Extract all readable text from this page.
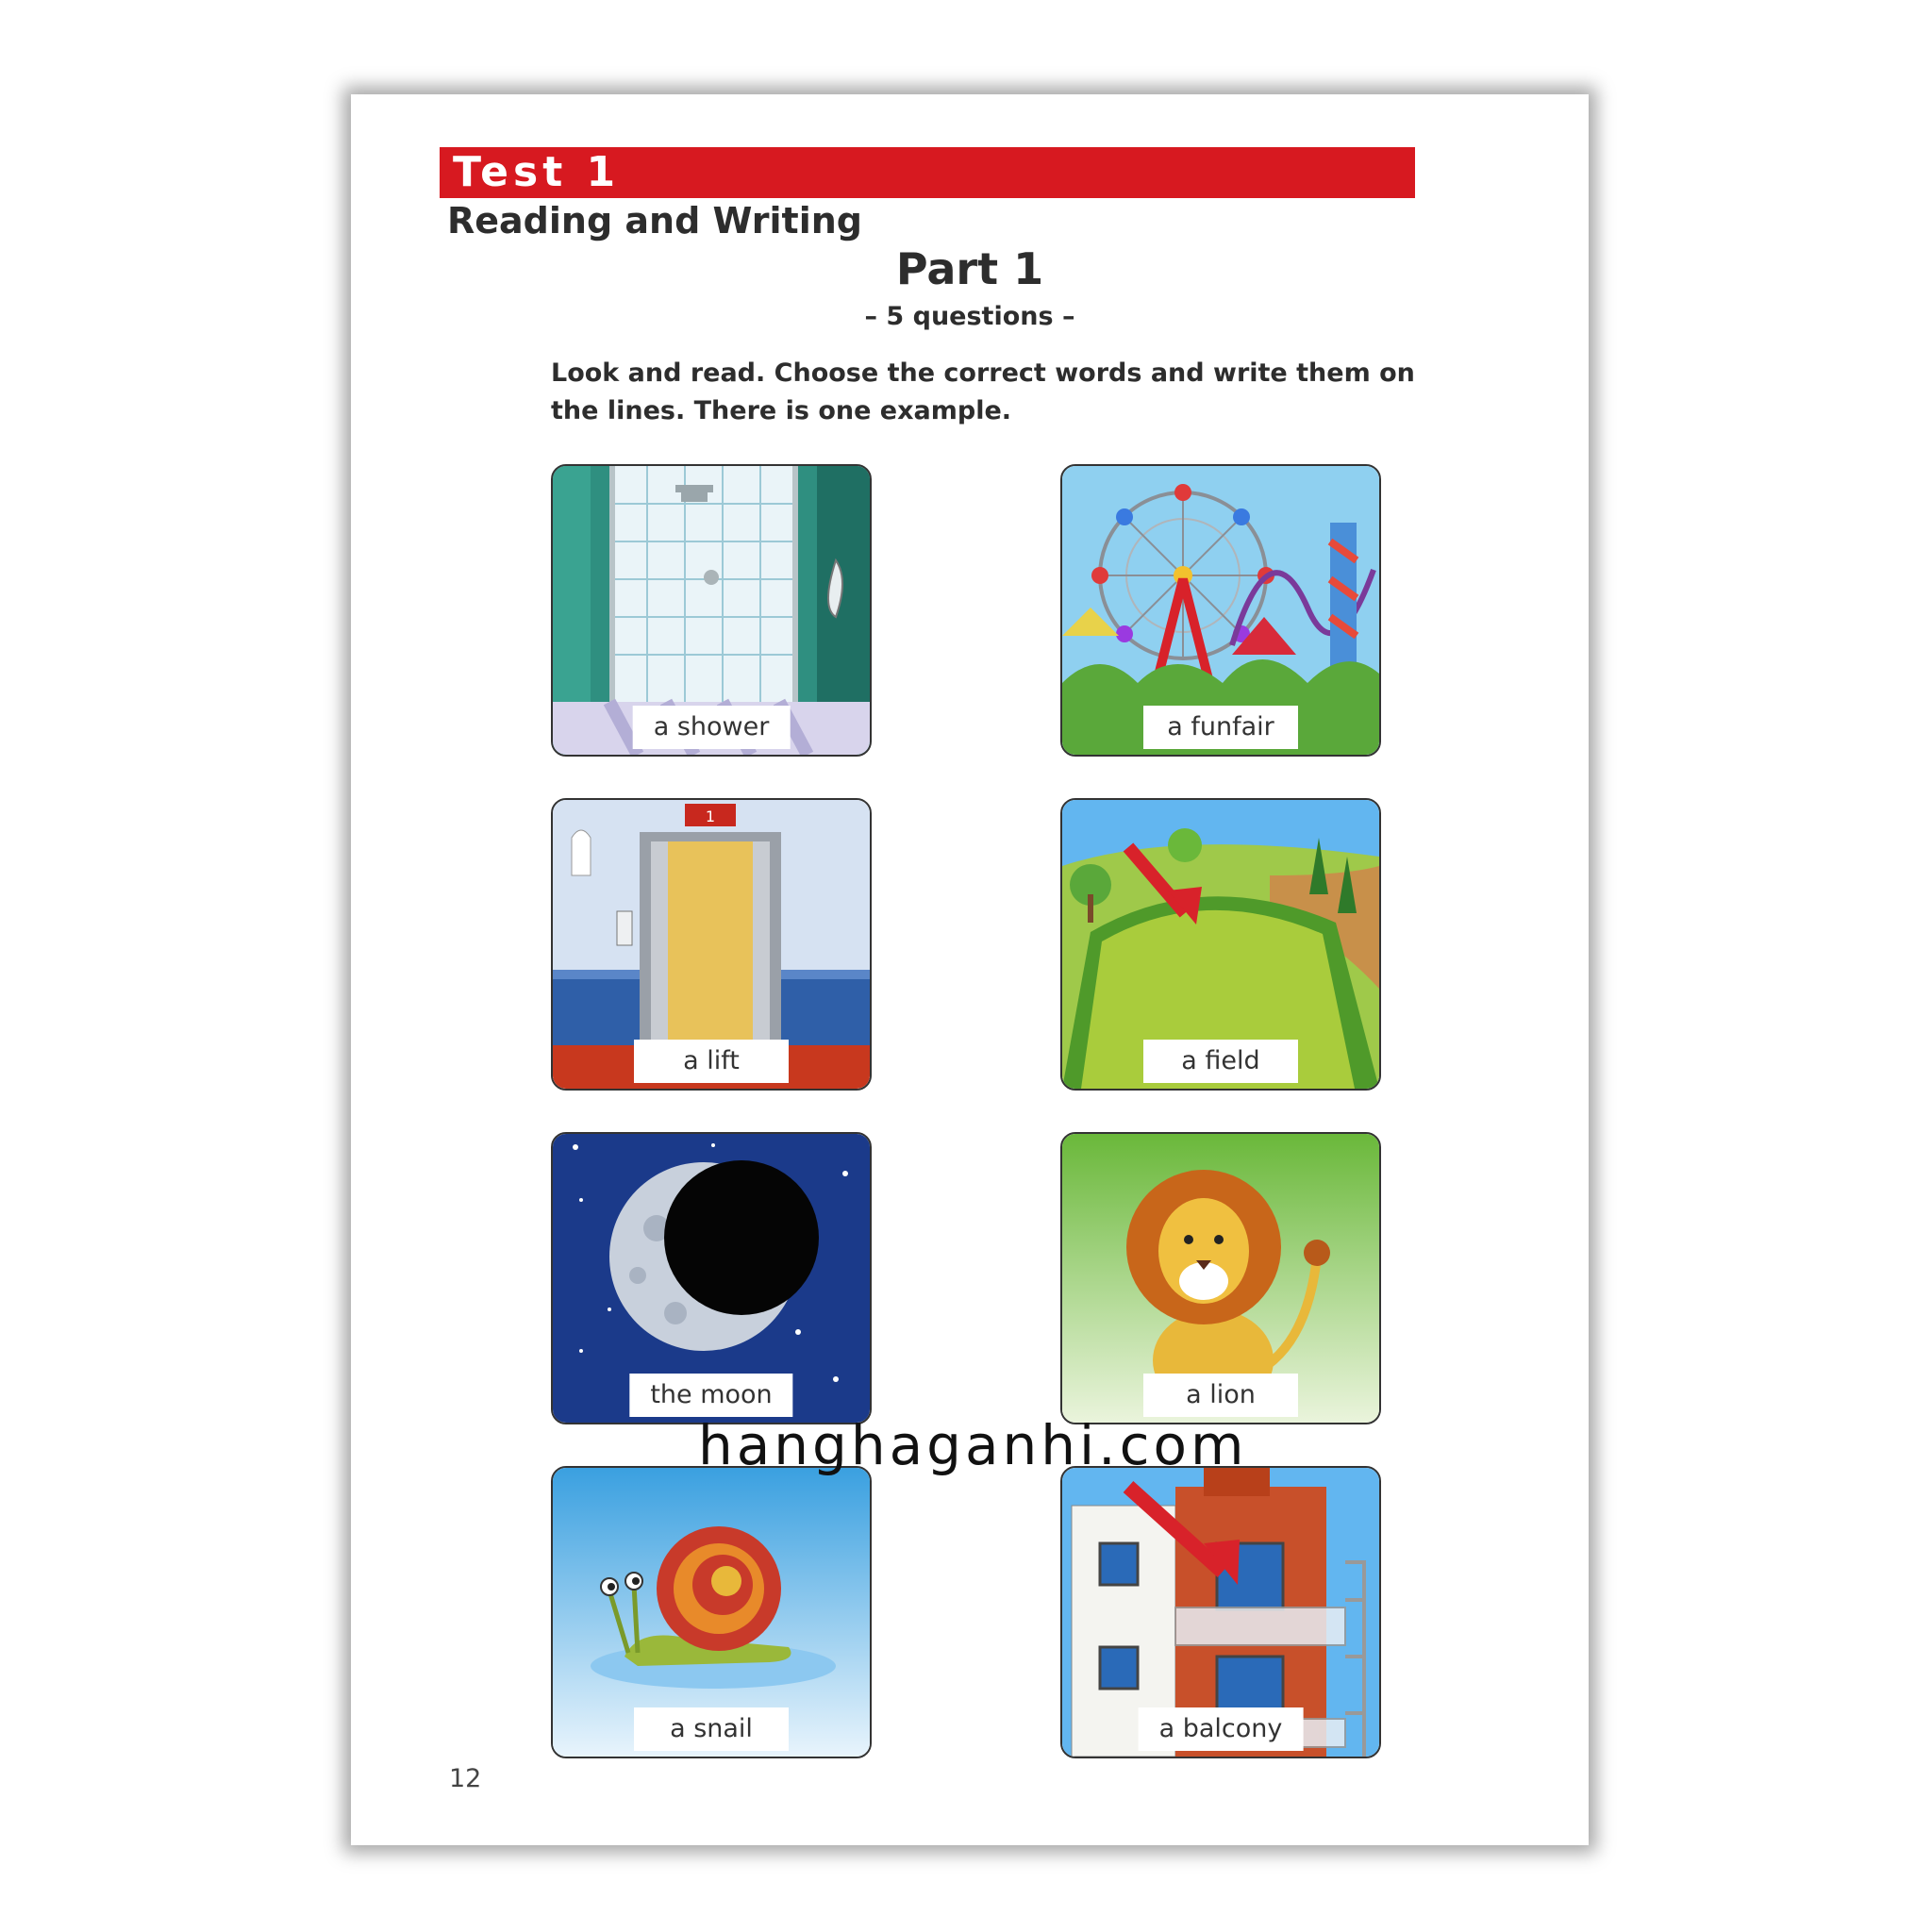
Test 1
Reading and Writing
Part 1
– 5 questions –
Look and read. Choose the correct words and write them on the lines. There is one example.
a shower	a funfair
1
a lift	a field
the moon	a lion
a snail	a balcony
12
hanghaganhi.com
